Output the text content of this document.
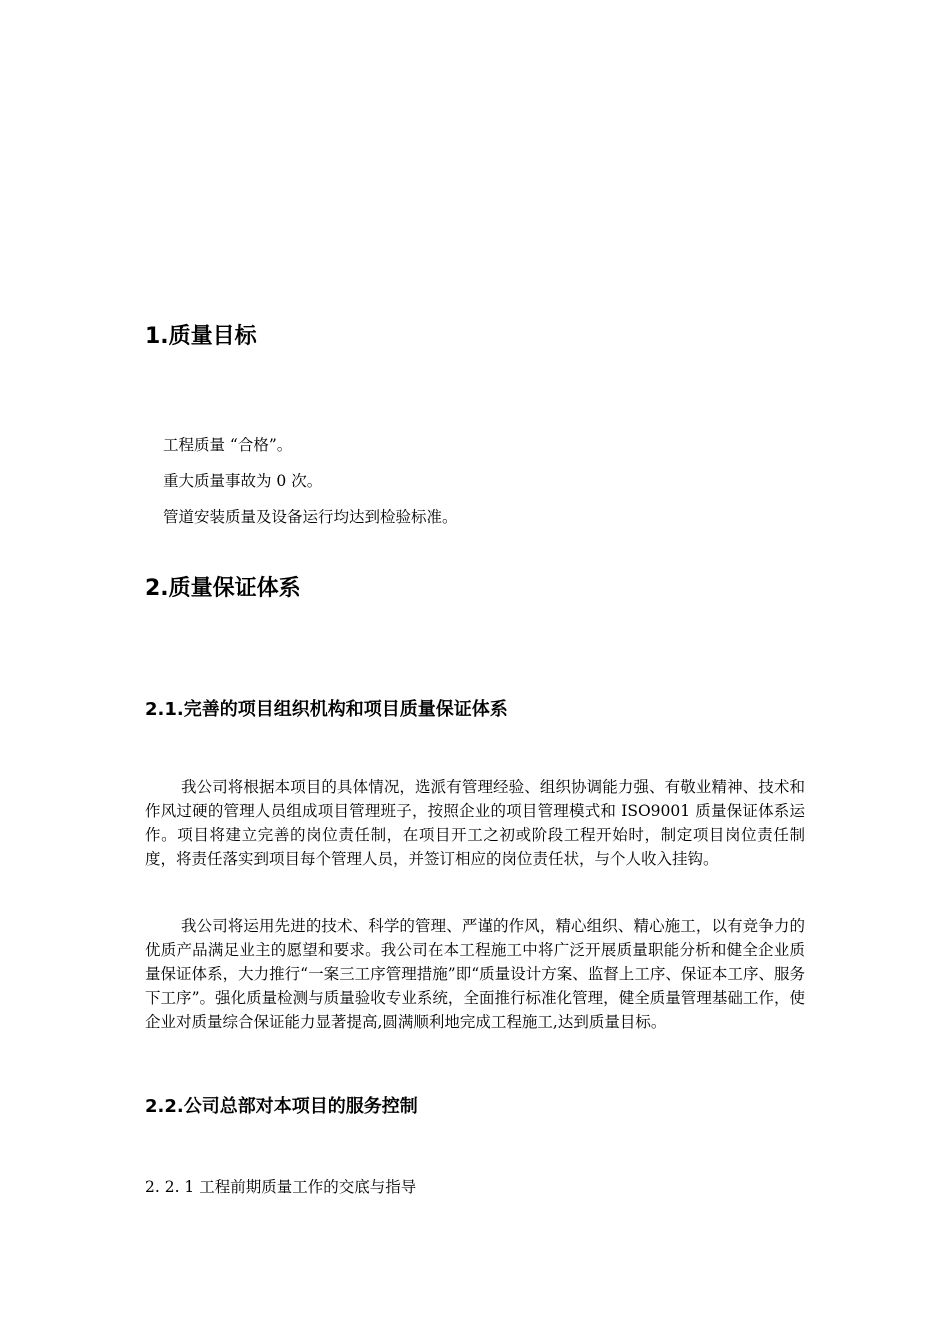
1.质量目标
工程质量 “合格”。
重大质量事故为 0 次。
管道安装质量及设备运行均达到检验标准。
2.质量保证体系
2.1.完善的项目组织机构和项目质量保证体系
我公司将根据本项目的具体情况，选派有管理经验、组织协调能力强、有敬业精神、技术和作风过硬的管理人员组成项目管理班子，按照企业的项目管理模式和 ISO9001 质量保证体系运作。项目将建立完善的岗位责任制，在项目开工之初或阶段工程开始时，制定项目岗位责任制度，将责任落实到项目每个管理人员，并签订相应的岗位责任状，与个人收入挂钩。
我公司将运用先进的技术、科学的管理、严谨的作风，精心组织、精心施工，以有竞争力的优质产品满足业主的愿望和要求。我公司在本工程施工中将广泛开展质量职能分析和健全企业质量保证体系，大力推行“一案三工序管理措施”即“质量设计方案、监督上工序、保证本工序、服务下工序”。强化质量检测与质量验收专业系统，全面推行标准化管理，健全质量管理基础工作，使企业对质量综合保证能力显著提高,圆满顺利地完成工程施工,达到质量目标。
2.2.公司总部对本项目的服务控制
2. 2. 1 工程前期质量工作的交底与指导
